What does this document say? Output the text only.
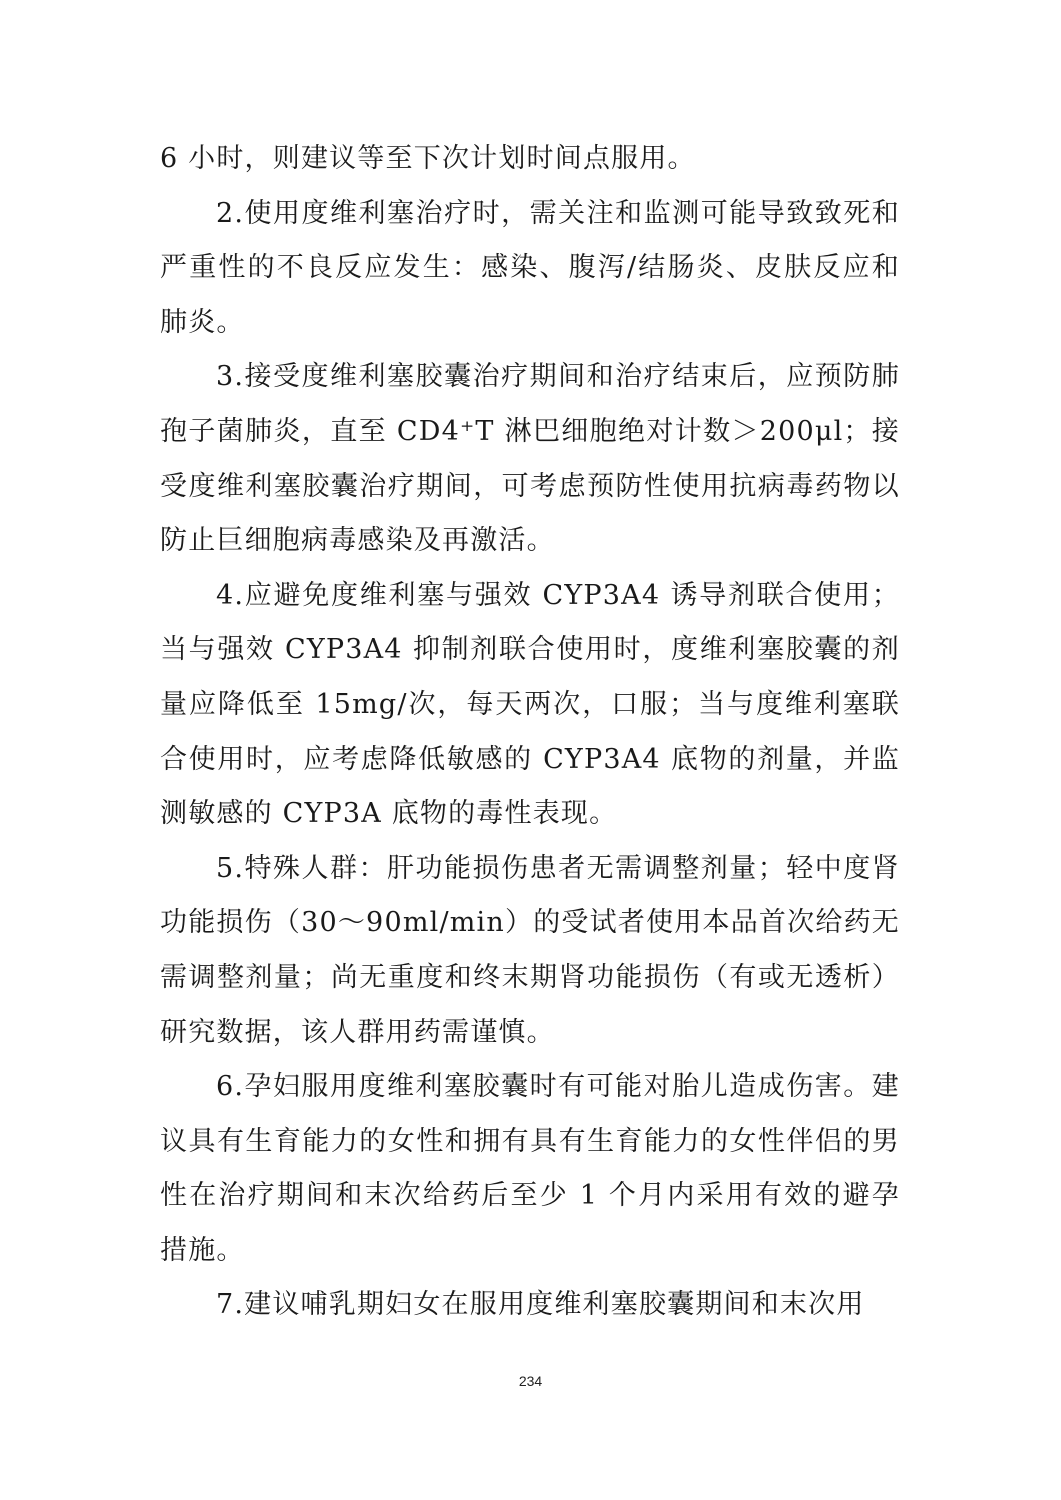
6 小时，则建议等至下次计划时间点服用。

2.使用度维利塞治疗时，需关注和监测可能导致致死和严重性的不良反应发生：感染、腹泻/结肠炎、皮肤反应和肺炎。

3.接受度维利塞胶囊治疗期间和治疗结束后，应预防肺孢子菌肺炎，直至 CD4⁺T 淋巴细胞绝对计数＞200μl；接受度维利塞胶囊治疗期间，可考虑预防性使用抗病毒药物以防止巨细胞病毒感染及再激活。

4.应避免度维利塞与强效 CYP3A4 诱导剂联合使用；当与强效 CYP3A4 抑制剂联合使用时，度维利塞胶囊的剂量应降低至 15mg/次，每天两次，口服；当与度维利塞联合使用时，应考虑降低敏感的 CYP3A4 底物的剂量，并监测敏感的 CYP3A 底物的毒性表现。

5.特殊人群：肝功能损伤患者无需调整剂量；轻中度肾功能损伤（30～90ml/min）的受试者使用本品首次给药无需调整剂量；尚无重度和终末期肾功能损伤（有或无透析）研究数据，该人群用药需谨慎。

6.孕妇服用度维利塞胶囊时有可能对胎儿造成伤害。建议具有生育能力的女性和拥有具有生育能力的女性伴侣的男性在治疗期间和末次给药后至少 1 个月内采用有效的避孕措施。

7.建议哺乳期妇女在服用度维利塞胶囊期间和末次用

234
